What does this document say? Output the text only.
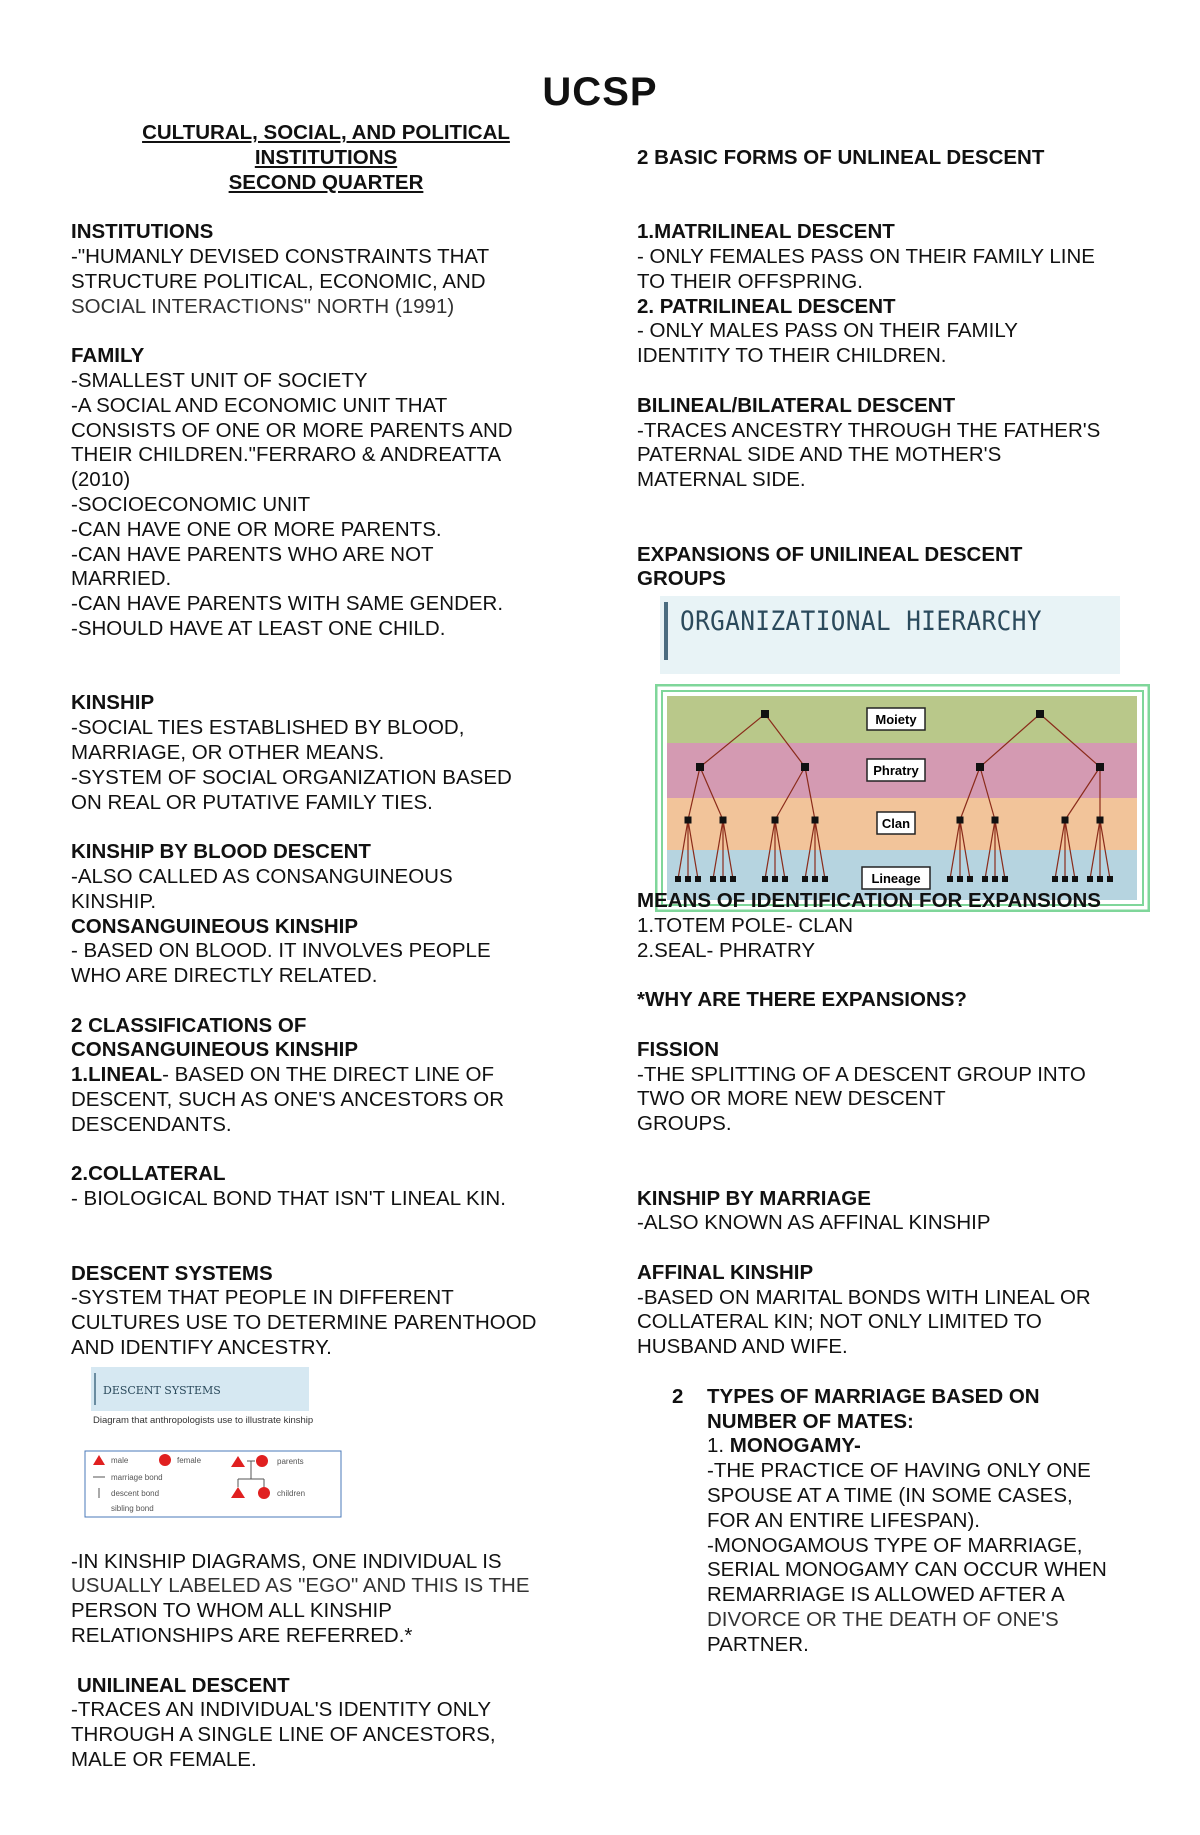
UCSP

CULTURAL, SOCIAL, AND POLITICAL

INSTITUTIONS

SECOND QUARTER

INSTITUTIONS

-"HUMANLY DEVISED CONSTRAINTS THAT

STRUCTURE POLITICAL, ECONOMIC, AND

SOCIAL INTERACTIONS" NORTH (1991)

FAMILY

-SMALLEST UNIT OF SOCIETY

-A SOCIAL AND ECONOMIC UNIT THAT

CONSISTS OF ONE OR MORE PARENTS AND

THEIR CHILDREN."FERRARO & ANDREATTA

(2010)

-SOCIOECONOMIC UNIT

-CAN HAVE ONE OR MORE PARENTS.

-CAN HAVE PARENTS WHO ARE NOT

MARRIED.

-CAN HAVE PARENTS WITH SAME GENDER.

-SHOULD HAVE AT LEAST ONE CHILD.

KINSHIP

-SOCIAL TIES ESTABLISHED BY BLOOD,

MARRIAGE, OR OTHER MEANS.

-SYSTEM OF SOCIAL ORGANIZATION BASED

ON REAL OR PUTATIVE FAMILY TIES.

KINSHIP BY BLOOD DESCENT

-ALSO CALLED AS CONSANGUINEOUS

KINSHIP.

CONSANGUINEOUS KINSHIP

- BASED ON BLOOD. IT INVOLVES PEOPLE

WHO ARE DIRECTLY RELATED.

2 CLASSIFICATIONS OF

CONSANGUINEOUS KINSHIP

1.LINEAL- BASED ON THE DIRECT LINE OF

DESCENT, SUCH AS ONE'S ANCESTORS OR

DESCENDANTS.

2.COLLATERAL

- BIOLOGICAL BOND THAT ISN'T LINEAL KIN.

DESCENT SYSTEMS

-SYSTEM THAT PEOPLE IN DIFFERENT

CULTURES USE TO DETERMINE PARENTHOOD

AND IDENTIFY ANCESTRY.

DESCENT SYSTEMS
Diagram that anthropologists use to illustrate kinship
male	female
marriage bond
descent bond
sibling bond
parents
children

-IN KINSHIP DIAGRAMS, ONE INDIVIDUAL IS

USUALLY LABELED AS "EGO" AND THIS IS THE

PERSON TO WHOM ALL KINSHIP

RELATIONSHIPS ARE REFERRED.*

UNILINEAL DESCENT

-TRACES AN INDIVIDUAL'S IDENTITY ONLY

THROUGH A SINGLE LINE OF ANCESTORS,

MALE OR FEMALE.

2 BASIC FORMS OF UNLINEAL DESCENT

1.MATRILINEAL DESCENT

- ONLY FEMALES PASS ON THEIR FAMILY LINE

TO THEIR OFFSPRING.

2. PATRILINEAL DESCENT

- ONLY MALES PASS ON THEIR FAMILY

IDENTITY TO THEIR CHILDREN.

BILINEAL/BILATERAL DESCENT

-TRACES ANCESTRY THROUGH THE FATHER'S

PATERNAL SIDE AND THE MOTHER'S

MATERNAL SIDE.

EXPANSIONS OF UNILINEAL DESCENT

GROUPS

ORGANIZATIONAL HIERARCHY
Moiety
Phratry
Clan
Lineage

MEANS OF IDENTIFICATION FOR EXPANSIONS

1.TOTEM POLE- CLAN

2.SEAL- PHRATRY

*WHY ARE THERE EXPANSIONS?

FISSION

-THE SPLITTING OF A DESCENT GROUP INTO

TWO OR MORE NEW DESCENT

GROUPS.

KINSHIP BY MARRIAGE

-ALSO KNOWN AS AFFINAL KINSHIP

AFFINAL KINSHIP

-BASED ON MARITAL BONDS WITH LINEAL OR

COLLATERAL KIN; NOT ONLY LIMITED TO

HUSBAND AND WIFE.

2 TYPES OF MARRIAGE BASED ON

NUMBER OF MATES:

1. MONOGAMY-

-THE PRACTICE OF HAVING ONLY ONE

SPOUSE AT A TIME (IN SOME CASES,

FOR AN ENTIRE LIFESPAN).

-MONOGAMOUS TYPE OF MARRIAGE,

SERIAL MONOGAMY CAN OCCUR WHEN

REMARRIAGE IS ALLOWED AFTER A

DIVORCE OR THE DEATH OF ONE'S

PARTNER.
